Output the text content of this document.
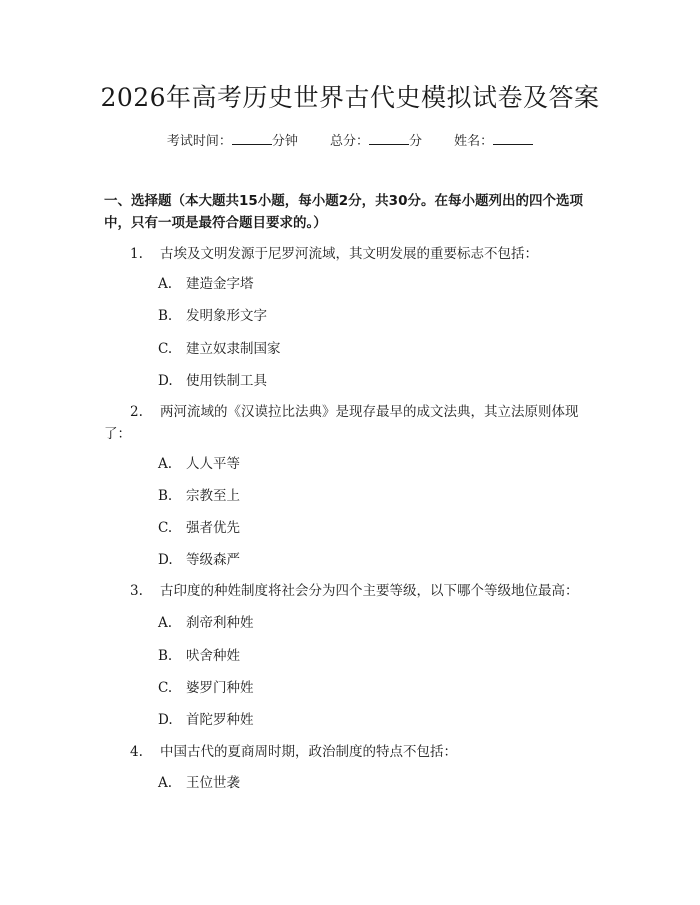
2026年高考历史世界古代史模拟试卷及答案
考试时间：	分钟 总分：	分 姓名：
一、选择题（本大题共15小题，每小题2分，共30分。在每小题列出的四个选项中，只有一项是最符合题目要求的。）
1.	古埃及文明发源于尼罗河流域，其文明发展的重要标志不包括：
A. 建造金字塔
B. 发明象形文字
C. 建立奴隶制国家
D. 使用铁制工具
2.	两河流域的《汉谟拉比法典》是现存最早的成文法典，其立法原则体现了：
A. 人人平等
B. 宗教至上
C. 强者优先
D. 等级森严
3.	古印度的种姓制度将社会分为四个主要等级，以下哪个等级地位最高：
A. 刹帝利种姓
B. 吠舍种姓
C. 婆罗门种姓
D. 首陀罗种姓
4.	中国古代的夏商周时期，政治制度的特点不包括：
A. 王位世袭
